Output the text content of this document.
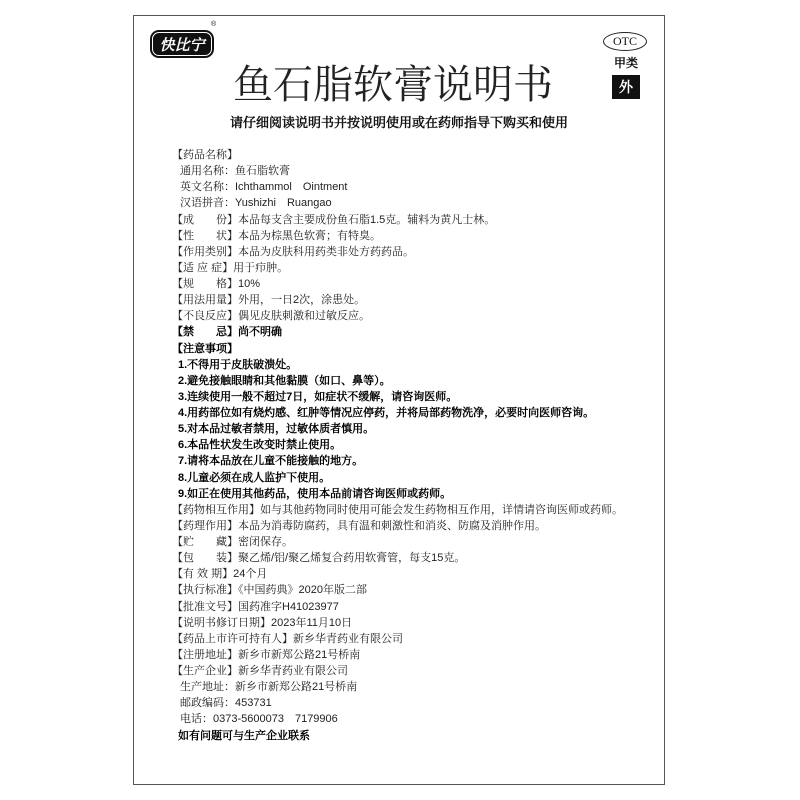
快比宁
®
鱼石脂软膏说明书
OTC
甲类
外
请仔细阅读说明书并按说明使用或在药师指导下购买和使用
【药品名称】
通用名称：鱼石脂软膏
英文名称：Ichthammol　Ointment
汉语拼音：Yushizhi　Ruangao
【成　　份】本品每支含主要成份鱼石脂1.5克。辅料为黄凡士林。
【性　　状】本品为棕黑色软膏；有特臭。
【作用类别】本品为皮肤科用药类非处方药药品。
【适 应 症】用于疖肿。
【规　　格】10%
【用法用量】外用，一日2次，涂患处。
【不良反应】偶见皮肤刺激和过敏反应。
【禁　　忌】尚不明确
【注意事项】
1.不得用于皮肤破溃处。
2.避免接触眼睛和其他黏膜（如口、鼻等）。
3.连续使用一般不超过7日，如症状不缓解，请咨询医师。
4.用药部位如有烧灼感、红肿等情况应停药，并将局部药物洗净，必要时向医师咨询。
5.对本品过敏者禁用，过敏体质者慎用。
6.本品性状发生改变时禁止使用。
7.请将本品放在儿童不能接触的地方。
8.儿童必须在成人监护下使用。
9.如正在使用其他药品，使用本品前请咨询医师或药师。
【药物相互作用】如与其他药物同时使用可能会发生药物相互作用，详情请咨询医师或药师。
【药理作用】本品为消毒防腐药，具有温和刺激性和消炎、防腐及消肿作用。
【贮　　藏】密闭保存。
【包　　装】聚乙烯/铝/聚乙烯复合药用软膏管，每支15克。
【有 效 期】24个月
【执行标准】《中国药典》2020年版二部
【批准文号】国药准字H41023977
【说明书修订日期】2023年11月10日
【药品上市许可持有人】新乡华青药业有限公司
【注册地址】新乡市新郑公路21号桥南
【生产企业】新乡华青药业有限公司
生产地址：新乡市新郑公路21号桥南
邮政编码：453731
电话：0373-5600073　7179906
如有问题可与生产企业联系
